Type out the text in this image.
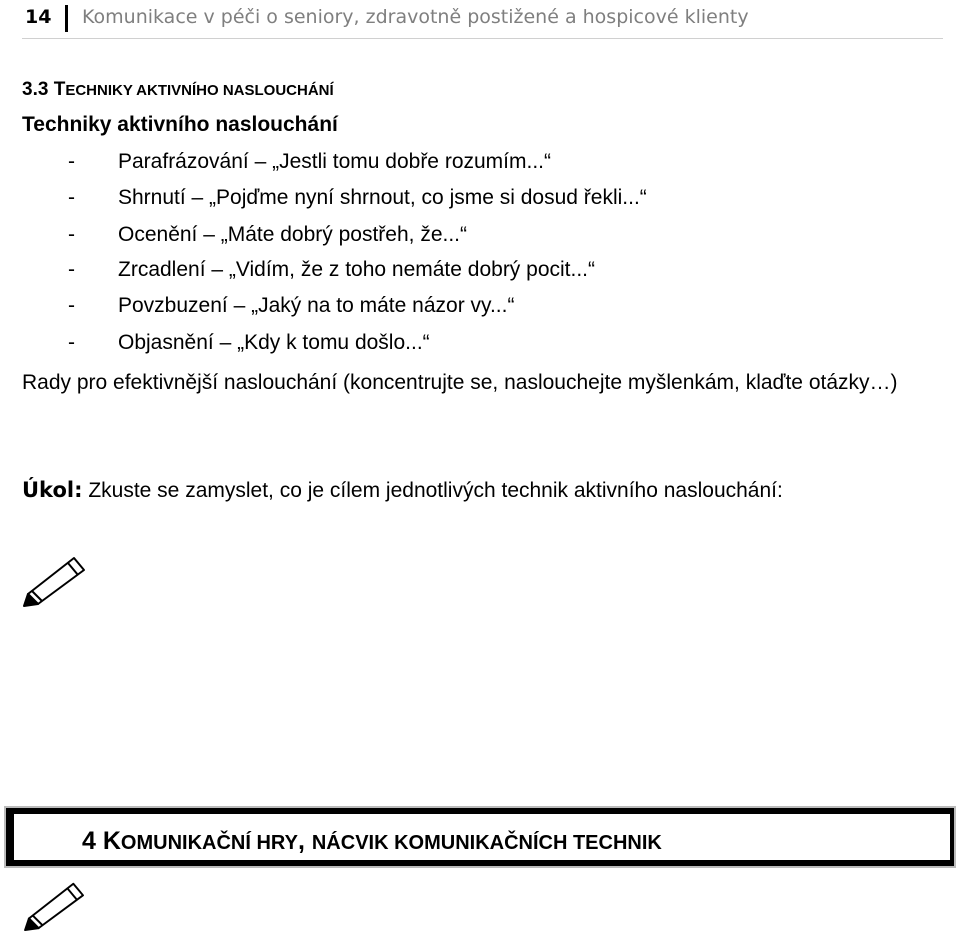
14 Komunikace v péči o seniory, zdravotně postižené a hospicové klienty
3.3 TECHNIKY AKTIVNÍHO NASLOUCHÁNÍ
Techniky aktivního naslouchání
- Parafrázování – „Jestli tomu dobře rozumím...“
- Shrnutí – „Pojďme nyní shrnout, co jsme si dosud řekli...“
- Ocenění – „Máte dobrý postřeh, že...“
- Zrcadlení – „Vidím, že z toho nemáte dobrý pocit...“
- Povzbuzení – „Jaký na to máte názor vy...“
- Objasnění – „Kdy k tomu došlo...“
Rady pro efektivnější naslouchání (koncentrujte se, naslouchejte myšlenkám, klaďte otázky…)
Úkol: Zkuste se zamyslet, co je cílem jednotlivých technik aktivního naslouchání:
4 KOMUNIKAČNÍ HRY, NÁCVIK KOMUNIKAČNÍCH TECHNIK
